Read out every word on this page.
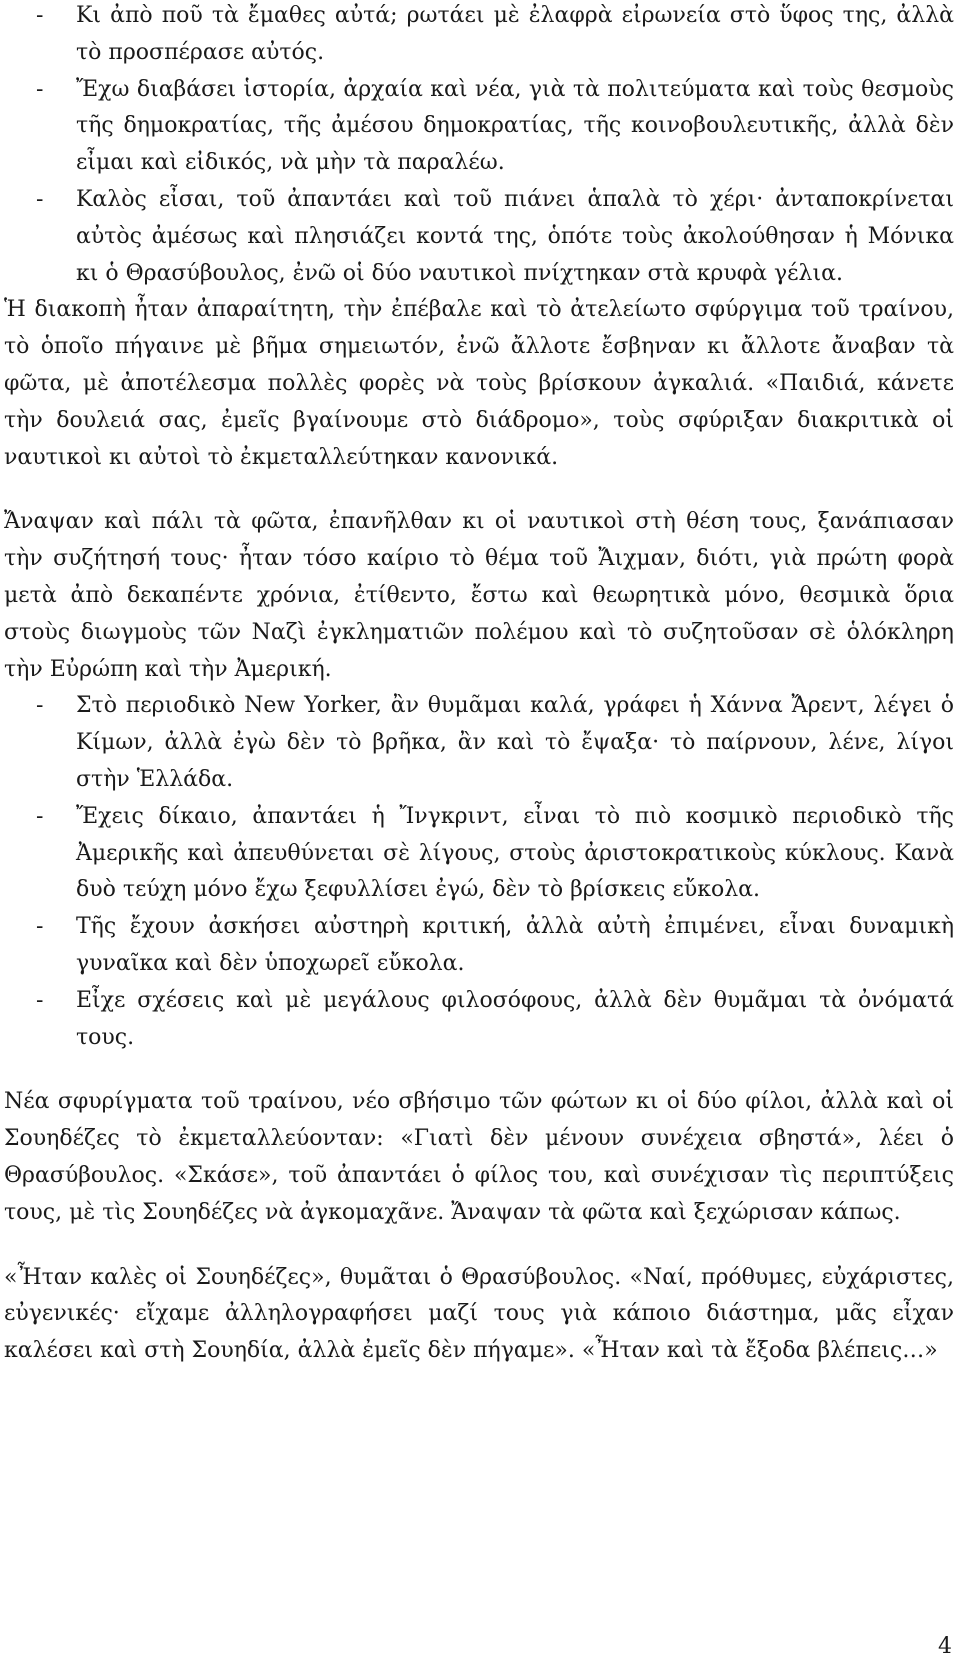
-	Κι ἀπὸ ποῦ τὰ ἔμαθες αὐτά; ρωτάει μὲ ἐλαφρὰ εἰρωνεία στὸ ὕφος της, ἀλλὰ τὸ προσπέρασε αὐτός.
-	Ἔχω διαβάσει ἱστορία, ἀρχαία καὶ νέα, γιὰ τὰ πολιτεύματα καὶ τοὺς θεσμοὺς τῆς δημοκρατίας, τῆς ἀμέσου δημοκρατίας, τῆς κοινοβουλευτικῆς, ἀλλὰ δὲν εἶμαι καὶ εἰδικός, νὰ μὴν τὰ παραλέω.
-	Καλὸς εἶσαι, τοῦ ἀπαντάει καὶ τοῦ πιάνει ἁπαλὰ τὸ χέρι· ἀνταποκρίνεται αὐτὸς ἀμέσως καὶ πλησιάζει κοντά της, ὁπότε τοὺς ἀκολούθησαν ἡ Μόνικα κι ὁ Θρασύβουλος, ἐνῶ οἱ δύο ναυτικοὶ πνίχτηκαν στὰ κρυφὰ γέλια.

Ἡ διακοπὴ ἦταν ἀπαραίτητη, τὴν ἐπέβαλε καὶ τὸ ἀτελείωτο σφύργιμα τοῦ τραίνου, τὸ ὁποῖο πήγαινε μὲ βῆμα σημειωτόν, ἐνῶ ἄλλοτε ἔσβηναν κι ἄλλοτε ἄναβαν τὰ φῶτα, μὲ ἀποτέλεσμα πολλὲς φορὲς νὰ τοὺς βρίσκουν ἀγκαλιά. «Παιδιά, κάνετε τὴν δουλειά σας, ἐμεῖς βγαίνουμε στὸ διάδρομο», τοὺς σφύριξαν διακριτικὰ οἱ ναυτικοὶ κι αὐτοὶ τὸ ἐκμεταλλεύτηκαν κανονικά.

Ἄναψαν καὶ πάλι τὰ φῶτα, ἐπανῆλθαν κι οἱ ναυτικοὶ στὴ θέση τους, ξανάπιασαν τὴν συζήτησή τους· ἦταν τόσο καίριο τὸ θέμα τοῦ Ἄιχμαν, διότι, γιὰ πρώτη φορὰ μετὰ ἀπὸ δεκαπέντε χρόνια, ἐτίθεντο, ἔστω καὶ θεωρητικὰ μόνο, θεσμικὰ ὅρια στοὺς διωγμοὺς τῶν Ναζὶ ἐγκληματιῶν πολέμου καὶ τὸ συζητοῦσαν σὲ ὁλόκληρη τὴν Εὐρώπη καὶ τὴν Ἀμερική.

-	Στὸ περιοδικὸ New Yorker, ἂν θυμᾶμαι καλά, γράφει ἡ Χάννα Ἄρεντ, λέγει ὁ Κίμων, ἀλλὰ ἐγὼ δὲν τὸ βρῆκα, ἂν καὶ τὸ ἔψαξα· τὸ παίρνουν, λένε, λίγοι στὴν Ἑλλάδα.
-	Ἔχεις δίκαιο, ἀπαντάει ἡ Ἴνγκριντ, εἶναι τὸ πιὸ κοσμικὸ περιοδικὸ τῆς Ἀμερικῆς καὶ ἀπευθύνεται σὲ λίγους, στοὺς ἀριστοκρατικοὺς κύκλους. Κανὰ δυὸ τεύχη μόνο ἔχω ξεφυλλίσει ἐγώ, δὲν τὸ βρίσκεις εὔκολα.
-	Τῆς ἔχουν ἀσκήσει αὐστηρὴ κριτική, ἀλλὰ αὐτὴ ἐπιμένει, εἶναι δυναμικὴ γυναῖκα καὶ δὲν ὑποχωρεῖ εὔκολα.
-	Εἶχε σχέσεις καὶ μὲ μεγάλους φιλοσόφους, ἀλλὰ δὲν θυμᾶμαι τὰ ὀνόματά τους.

Νέα σφυρίγματα τοῦ τραίνου, νέο σβήσιμο τῶν φώτων κι οἱ δύο φίλοι, ἀλλὰ καὶ οἱ Σουηδέζες τὸ ἐκμεταλλεύονταν: «Γιατὶ δὲν μένουν συνέχεια σβηστά», λέει ὁ Θρασύβουλος. «Σκάσε», τοῦ ἀπαντάει ὁ φίλος του, καὶ συνέχισαν τὶς περιπτύξεις τους, μὲ τὶς Σουηδέζες νὰ ἀγκομαχᾶνε. Ἄναψαν τὰ φῶτα καὶ ξεχώρισαν κάπως.

«Ἦταν καλὲς οἱ Σουηδέζες», θυμᾶται ὁ Θρασύβουλος. «Ναί, πρόθυμες, εὐχάριστες, εὐγενικές· εἴχαμε ἀλληλογραφήσει μαζί τους γιὰ κάποιο διάστημα, μᾶς εἶχαν καλέσει καὶ στὴ Σουηδία, ἀλλὰ ἐμεῖς δὲν πήγαμε». «Ἦταν καὶ τὰ ἔξοδα βλέπεις…»

4
